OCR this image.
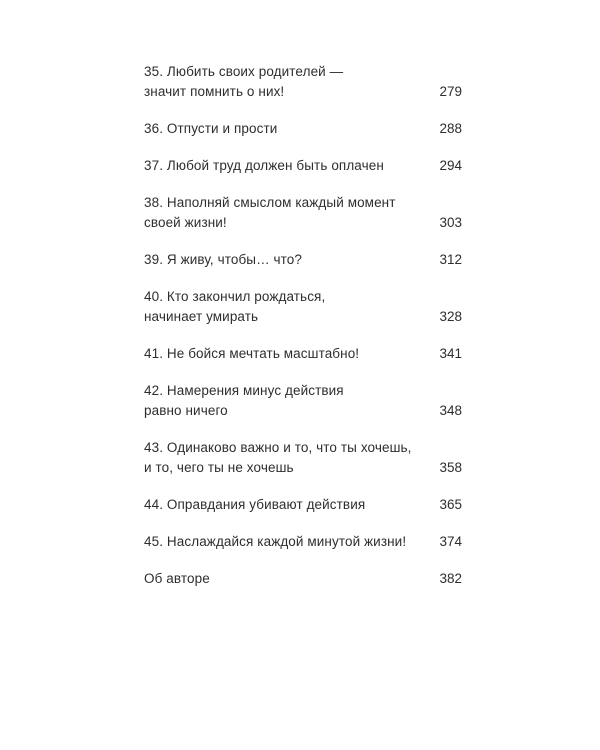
35. Любить своих родителей —
значит помнить о них!	279
36. Отпусти и прости	288
37. Любой труд должен быть оплачен	294
38. Наполняй смыслом каждый момент
своей жизни!	303
39. Я живу, чтобы… что?	312
40. Кто закончил рождаться,
начинает умирать	328
41. Не бойся мечтать масштабно!	341
42. Намерения минус действия
равно ничего	348
43. Одинаково важно и то, что ты хочешь,
и то, чего ты не хочешь	358
44. Оправдания убивают действия	365
45. Наслаждайся каждой минутой жизни!	374
Об авторе	382
